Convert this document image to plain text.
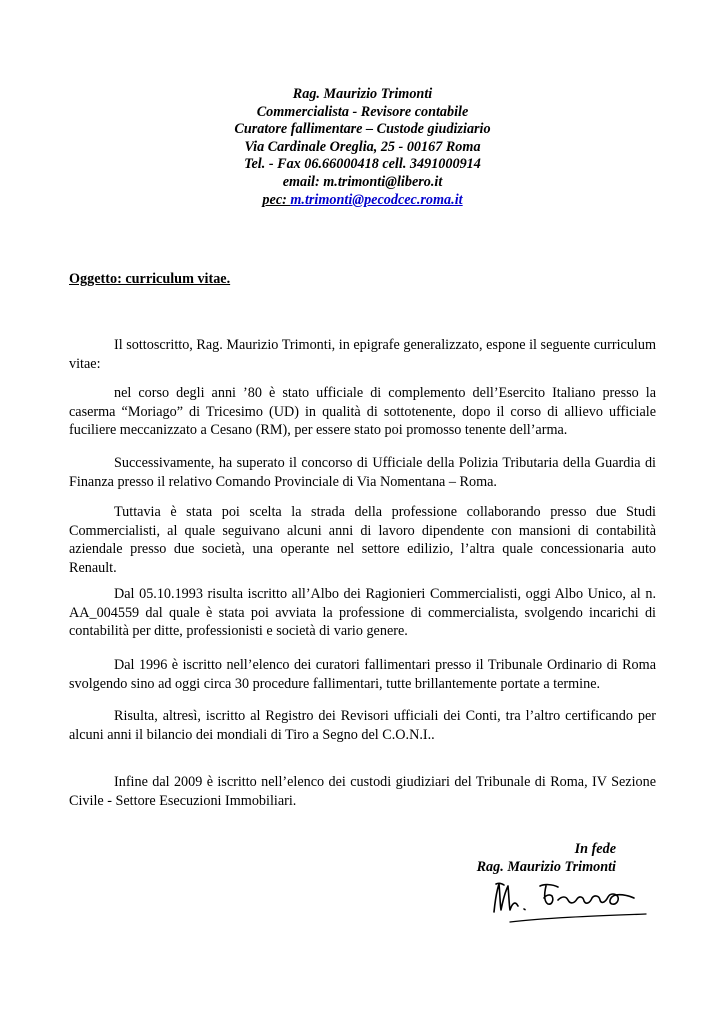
Rag. Maurizio Trimonti
Commercialista - Revisore contabile
Curatore fallimentare – Custode giudiziario
Via Cardinale Oreglia, 25 - 00167 Roma
Tel. - Fax 06.66000418 cell. 3491000914
email: m.trimonti@libero.it
pec: m.trimonti@pecodcec.roma.it
Oggetto: curriculum vitae.

Il sottoscritto, Rag. Maurizio Trimonti, in epigrafe generalizzato, espone il seguente curriculum vitae:

nel corso degli anni ’80 è stato ufficiale di complemento dell’Esercito Italiano presso la caserma “Moriago” di Tricesimo (UD) in qualità di sottotenente, dopo il corso di allievo ufficiale fuciliere meccanizzato a Cesano (RM), per essere stato poi promosso tenente dell’arma.

Successivamente, ha superato il concorso di Ufficiale della Polizia Tributaria della Guardia di Finanza presso il relativo Comando Provinciale di Via Nomentana – Roma.

Tuttavia è stata poi scelta la strada della professione collaborando presso due Studi Commercialisti, al quale seguivano alcuni anni di lavoro dipendente con mansioni di contabilità aziendale presso due società, una operante nel settore edilizio, l’altra quale concessionaria auto Renault.

Dal 05.10.1993 risulta iscritto all’Albo dei Ragionieri Commercialisti, oggi Albo Unico, al n. AA_004559 dal quale è stata poi avviata la professione di commercialista, svolgendo incarichi di contabilità per ditte, professionisti e società di vario genere.

Dal 1996 è iscritto nell’elenco dei curatori fallimentari presso il Tribunale Ordinario di Roma svolgendo sino ad oggi circa 30 procedure fallimentari, tutte brillantemente portate a termine.

Risulta, altresì, iscritto al Registro dei Revisori ufficiali dei Conti, tra l’altro certificando per alcuni anni il bilancio dei mondiali di Tiro a Segno del C.O.N.I..

Infine dal 2009 è iscritto nell’elenco dei custodi giudiziari del Tribunale di Roma, IV Sezione Civile - Settore Esecuzioni Immobiliari.

In fede
Rag. Maurizio Trimonti
